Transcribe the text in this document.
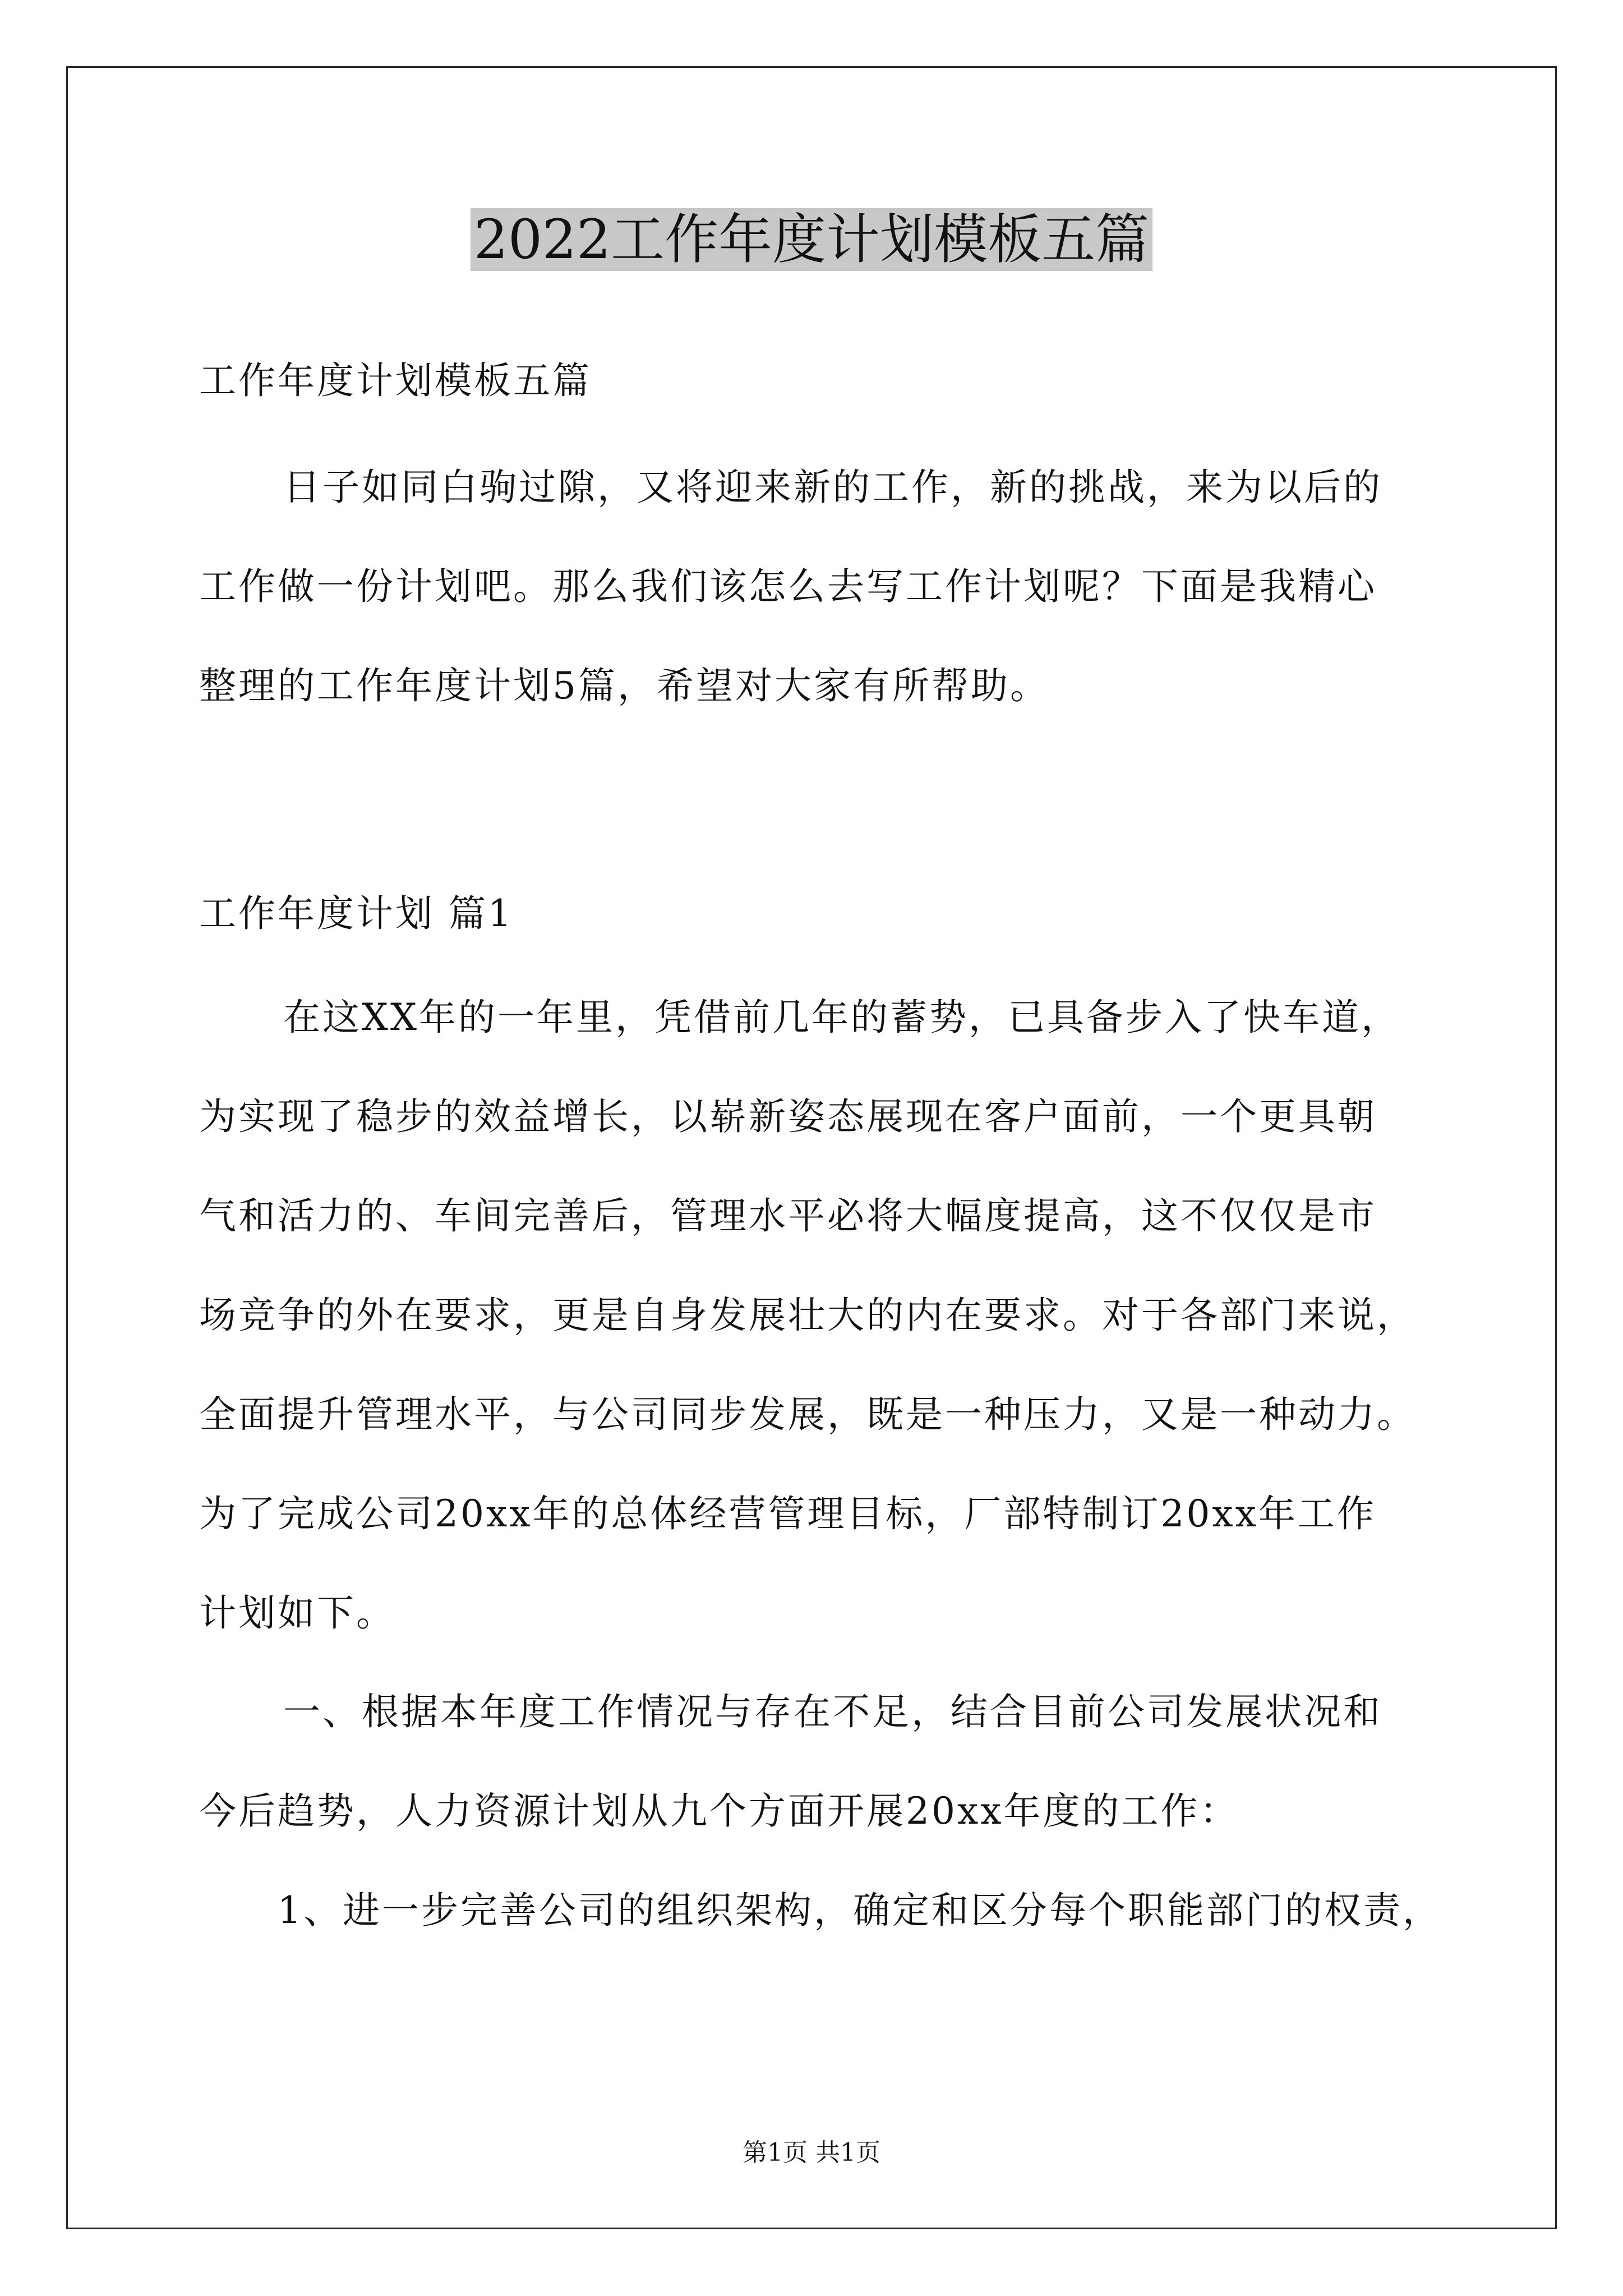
2022工作年度计划模板五篇

工作年度计划模板五篇

日子如同白驹过隙，又将迎来新的工作，新的挑战，来为以后的
工作做一份计划吧。那么我们该怎么去写工作计划呢？下面是我精心
整理的工作年度计划5篇，希望对大家有所帮助。

工作年度计划 篇1

在这XX年的一年里，凭借前几年的蓄势，已具备步入了快车道，
为实现了稳步的效益增长，以崭新姿态展现在客户面前，一个更具朝
气和活力的、车间完善后，管理水平必将大幅度提高，这不仅仅是市
场竞争的外在要求，更是自身发展壮大的内在要求。对于各部门来说，
全面提升管理水平，与公司同步发展，既是一种压力，又是一种动力。
为了完成公司20xx年的总体经营管理目标，厂部特制订20xx年工作
计划如下。
一、根据本年度工作情况与存在不足，结合目前公司发展状况和
今后趋势，人力资源计划从九个方面开展20xx年度的工作：
1、进一步完善公司的组织架构，确定和区分每个职能部门的权责，

第1页 共1页
